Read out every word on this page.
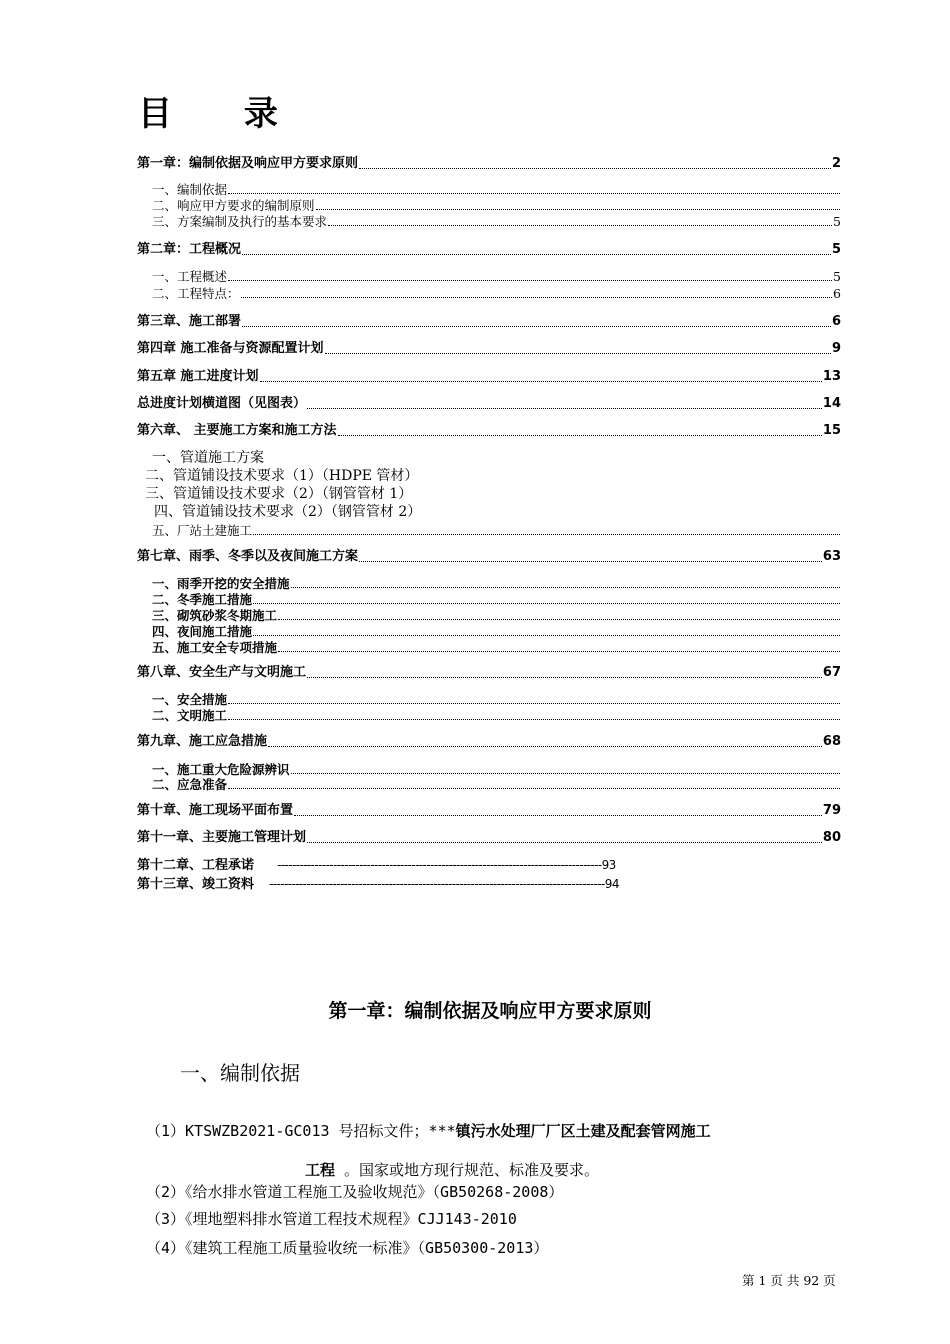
目 录
第一章：编制依据及响应甲方要求原则	2
一、编制依据
二、响应甲方要求的编制原则
三、方案编制及执行的基本要求	5
第二章：工程概况	5
一、工程概述	5
二、工程特点：	6
第三章、施工部署	6
第四章 施工准备与资源配置计划	9
第五章 施工进度计划	13
总进度计划横道图（见图表）	14
第六章、 主要施工方案和施工方法	15
一、管道施工方案
二、管道铺设技术要求（1）（HDPE 管材）
三、管道铺设技术要求（2）（钢管管材 1）
四、管道铺设技术要求（2）（钢管管材 2）
五、厂站土建施工
第七章、雨季、冬季以及夜间施工方案	63
一、雨季开挖的安全措施
二、冬季施工措施
三、砌筑砂浆冬期施工
四、夜间施工措施
五、施工安全专项措施
第八章、安全生产与文明施工	67
一、安全措施
二、文明施工
第九章、施工应急措施	68
一、施工重大危险源辨识
二、应急准备
第十章、施工现场平面布置	79
第十一章、主要施工管理计划	80
第十二章、工程承诺 ---------------------------------------------------------------------------------------93
第十三章、竣工资料 ------------------------------------------------------------------------------------------94
第一章：编制依据及响应甲方要求原则
一、编制依据
（1）KTSWZB2021-GC013 号招标文件；***镇污水处理厂厂区土建及配套管网施工
工程 。国家或地方现行规范、标准及要求。
（2）《给水排水管道工程施工及验收规范》（GB50268-2008）
（3）《埋地塑料排水管道工程技术规程》CJJ143-2010
（4）《建筑工程施工质量验收统一标准》（GB50300-2013）
第 1 页 共 92 页
